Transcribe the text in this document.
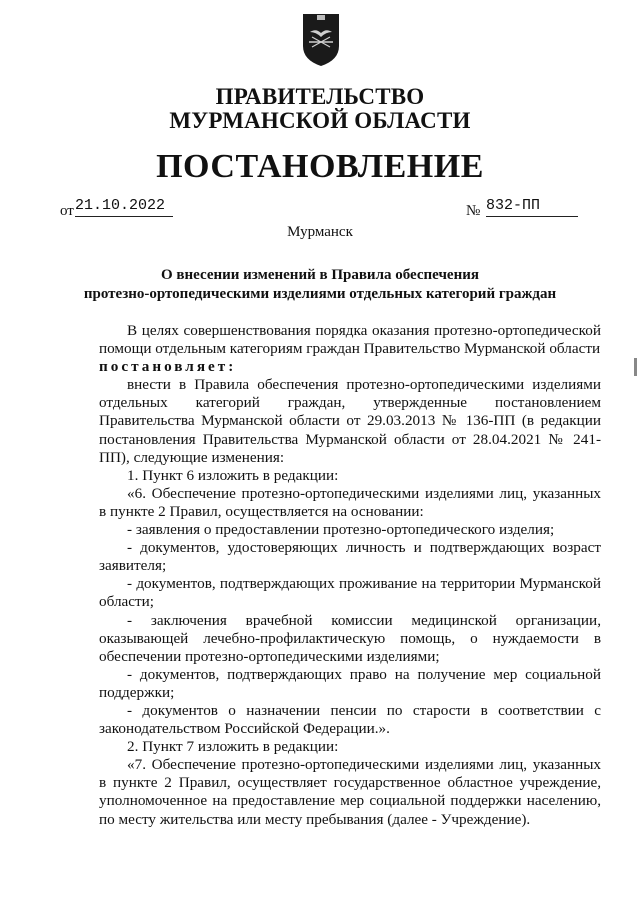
ПРАВИТЕЛЬСТВО
МУРМАНСКОЙ ОБЛАСТИ
ПОСТАНОВЛЕНИЕ
от 21.10.2022	№ 832-ПП
Мурманск
О внесении изменений в Правила обеспечения
протезно-ортопедическими изделиями отдельных категорий граждан

В целях совершенствования порядка оказания протезно-ортопедической помощи отдельным категориям граждан Правительство Мурманской области

постановляет:

внести в Правила обеспечения протезно-ортопедическими изделиями отдельных категорий граждан, утвержденные постановлением Правительства Мурманской области от 29.03.2013 № 136-ПП (в редакции постановления Правительства Мурманской области от 28.04.2021 № 241-ПП), следующие изменения:

1. Пункт 6 изложить в редакции:

«6. Обеспечение протезно-ортопедическими изделиями лиц, указанных в пункте 2 Правил, осуществляется на основании:

- заявления о предоставлении протезно-ортопедического изделия;

- документов, удостоверяющих личность и подтверждающих возраст заявителя;

- документов, подтверждающих проживание на территории Мурманской области;

- заключения врачебной комиссии медицинской организации, оказывающей лечебно-профилактическую помощь, о нуждаемости в обеспечении протезно-ортопедическими изделиями;

- документов, подтверждающих право на получение мер социальной поддержки;

- документов о назначении пенсии по старости в соответствии с законодательством Российской Федерации.».

2. Пункт 7 изложить в редакции:

«7. Обеспечение протезно-ортопедическими изделиями лиц, указанных в пункте 2 Правил, осуществляет государственное областное учреждение, уполномоченное на предоставление мер социальной поддержки населению, по месту жительства или месту пребывания (далее - Учреждение).
